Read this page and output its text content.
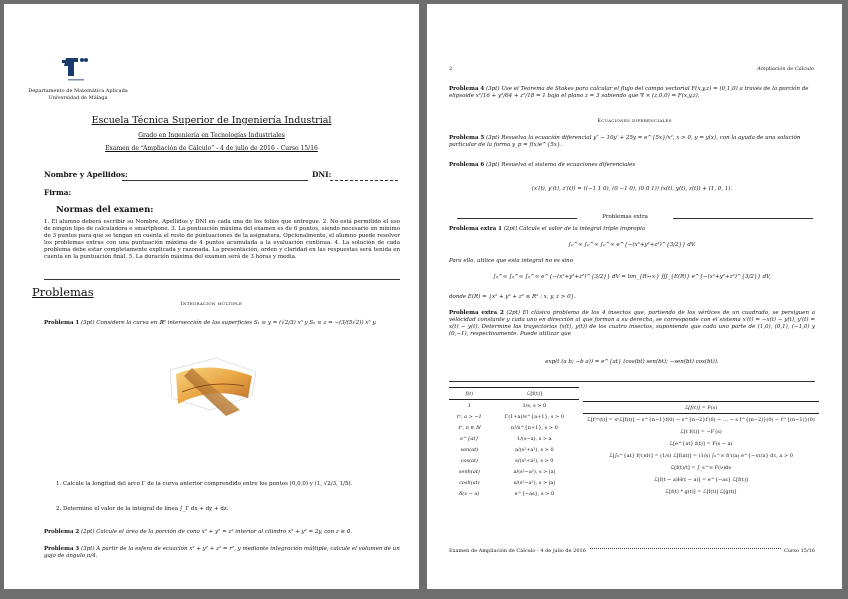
Departamento de Matemática Aplicada
Universidad de Málaga
Escuela Técnica Superior de Ingeniería Industrial
Grado en Ingeniería en Tecnologías Industriales
Examen de “Ampliación de Cálculo” - 4 de julio de 2016 - Curso 15/16
Nombre y Apellidos:	DNI:
Firma:
Normas del examen:
1. El alumno deberá escribir su Nombre, Apellidos y DNI en cada una de los folios que entregue. 2. No está permitido el uso de ningún tipo de calculadora o smartphone. 3. La puntuación máxima del examen es de 6 puntos, siendo necesario un mínimo de 3 puntos para que se tengan en cuenta el resto de puntuaciones de la asignatura. Opcionalmente, el alumno puede resolver los problemas extras con una puntuación máxima de 4 puntos acumulada a la evaluación continua. 4. La solución de cada problema debe estar completamente explicada y razonada. La presentación, orden y claridad en las respuestas será tenida en cuenta en la puntuación final. 5. La duración máxima del examen será de 3 horas y media.
Problemas
Integración múltiple
Problema 1 (3pt) Considere la curva en ℝ³ intersección de las superficies S₁ ≡ y = (√2/3) x³ y S₂ ≡ z = −(3/(5√2)) x⁵ y.
1. Calcule la longitud del arco Γ de la curva anterior comprendido entre los puntos (0,0,0) y (1, √2/3, 1/5).
2. Determine el valor de la integral de línea ∫_Γ dx + dy + dz.
Problema 2 (2pt) Calcule el área de la porción de cono x² + y² = z² interior al cilindro x² + y² = 2y, con z ≥ 0.
Problema 3 (3pt) A partir de la esfera de ecuación x² + y² + z² = r², y mediante integración múltiple, calcule el volumen de un gajo de ángulo π/4.
2	Ampliación de Cálculo
Problema 4 (3pt) Use el Teorema de Stokes para calcular el flujo del campo vectorial F(x,y,z) = (0,1,0) a través de la porción de elipsoide x²/16 + y²/64 + z²/18 = 1 bajo el plano z = 3 sabiendo que ∇ × (z,0,0) = F(x,y,z).
Ecuaciones diferenciales
Problema 5 (3pt) Resuelva la ecuación diferencial y″ − 10y′ + 25y = e^{5x}/x², x > 0, y = y(x), con la ayuda de una solución particular de la forma y_p = f(x)e^{5x}.
Problema 6 (3pt) Resuelva el sistema de ecuaciones diferenciales
(x′(t), y′(t), z′(t)) = ((−1 1 0), (0 −1 0), (0 0 1)) (x(t), y(t), z(t)) + (1, 0, 1).
Problemas extra
Problema extra 1 (2pt) Calcule el valor de la integral triple impropia
∫₀^∞ ∫₀^∞ ∫₀^∞ e^{−(x²+y²+z²)^{3/2}} dV.
Para ello, utilice que esta integral no es sino
∫₀^∞ ∫₀^∞ ∫₀^∞ e^{−(x²+y²+z²)^{3/2}} dV = lim_{R→∞} ∭_{E(R)} e^{−(x²+y²+z²)^{3/2}} dV,
donde E(R) = {x² + y² + z² ≤ R² : x, y, z > 0}.
Problema extra 2 (2pt) El clásico problema de los 4 insectos que, partiendo de los vértices de un cuadrado, se persiguen a velocidad constante y cada uno en dirección al que forman a su derecha, se corresponde con el sistema x′(t) = −x(t) − y(t), y′(t) = x(t) − y(t). Determine las trayectorias (x(t), y(t)) de los cuatro insectos, suponiendo que cada uno parte de (1,0), (0,1), (−1,0) y (0,−1), respectivamente. Puede utilizar que
exp(t (a b; −b a)) = e^{at} (cos(bt) sen(bt); −sen(bt) cos(bt)).
f(t)	ℒ[f(t)]
1	1/s, s > 0
tᵃ, a > −1	Γ(1+a)/s^{a+1}, s > 0
tⁿ, n ∈ ℕ	n!/s^{n+1}, s > 0
e^{at}	1/(s−a), s > a
sen(at)	a/(s²+a²), s > 0
cos(at)	s/(s²+a²), s > 0
senh(at)	a/(s²−a²), s > |a|
cosh(at)	s/(s²−a²), s > |a|
δ(x − a)	e^{−as}, s > 0
ℒ[f(t)] = F(s)
ℒ[f⁽ⁿ⁾(t)] = sⁿℒ[f(t)] − s^{n−1}f(0) − s^{n−2}f′(0) − … − s f^{(n−2)}(0) − f^{(n−1)}(0)
ℒ[t f(t)] = −F′(s)
ℒ[e^{at} f(t)] = F(s − a)
ℒ[∫₀^{at} f(τ)dτ] = (1/s) ℒ[f(at)] = (1/s) ∫₀^∞ f(τ/a) e^{−sτ/a} dτ, a > 0
ℒ[f(t)/t] = ∫_s^∞ F(ν)dν
ℒ[f(t − a)H(t − a)] = e^{−as} ℒ[f(t)]
ℒ[f(t) * g(t)] = ℒ[f(t)] ℒ[g(t)]
Examen de Ampliación de Cálculo - 4 de julio de 2016	Curso 15/16
